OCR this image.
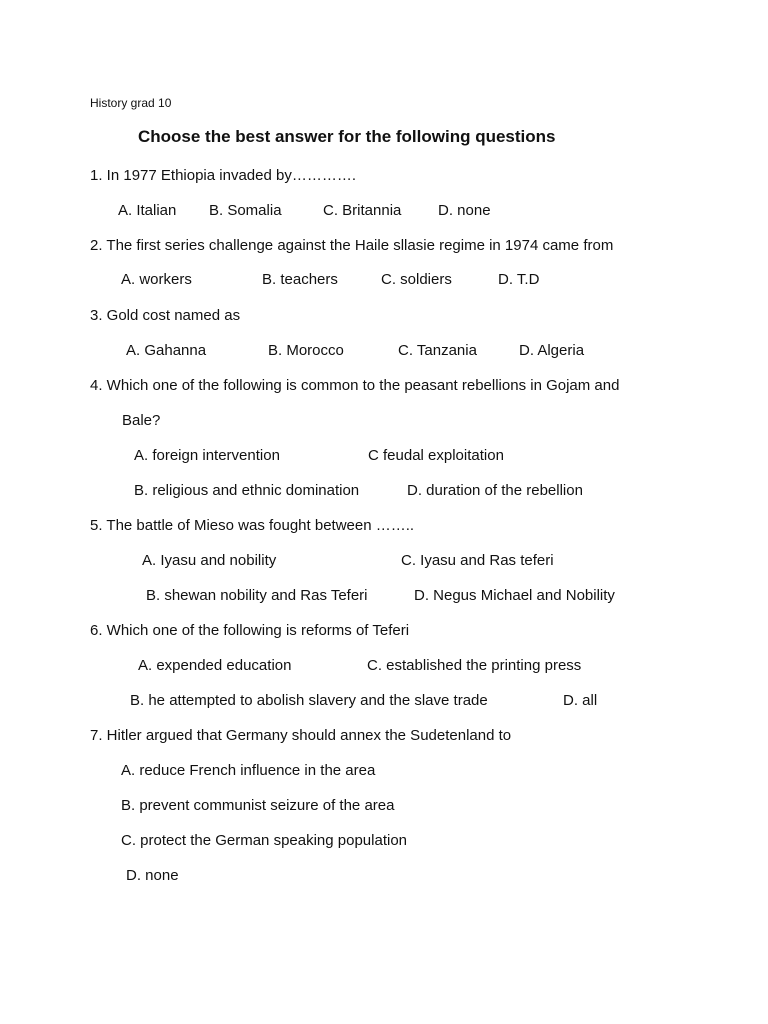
History grad 10
Choose the best answer for the following questions
1. In 1977 Ethiopia invaded by………….
A. Italian B. Somalia	C. Britannia D. none
2. The first series challenge against the Haile sllasie regime in 1974 came from
A. workers	B. teachers	C. soldiers	D. T.D
3. Gold cost named as
A. Gahanna	B. Morocco	C. Tanzania	D. Algeria
4. Which one of the following is common to the peasant rebellions in Gojam and
Bale?
A. foreign intervention	C feudal exploitation
B. religious and ethnic domination	D. duration of the rebellion
5. The battle of Mieso was fought between ……..
A. Iyasu and nobility	C. Iyasu and Ras teferi
B. shewan nobility and Ras Teferi	D. Negus Michael and Nobility
6. Which one of the following is reforms of Teferi
A. expended education	C. established the printing press
B. he attempted to abolish slavery and the slave trade	D. all
7. Hitler argued that Germany should annex the Sudetenland to
A. reduce French influence in the area
B. prevent communist seizure of the area
C. protect the German speaking population
D. none
